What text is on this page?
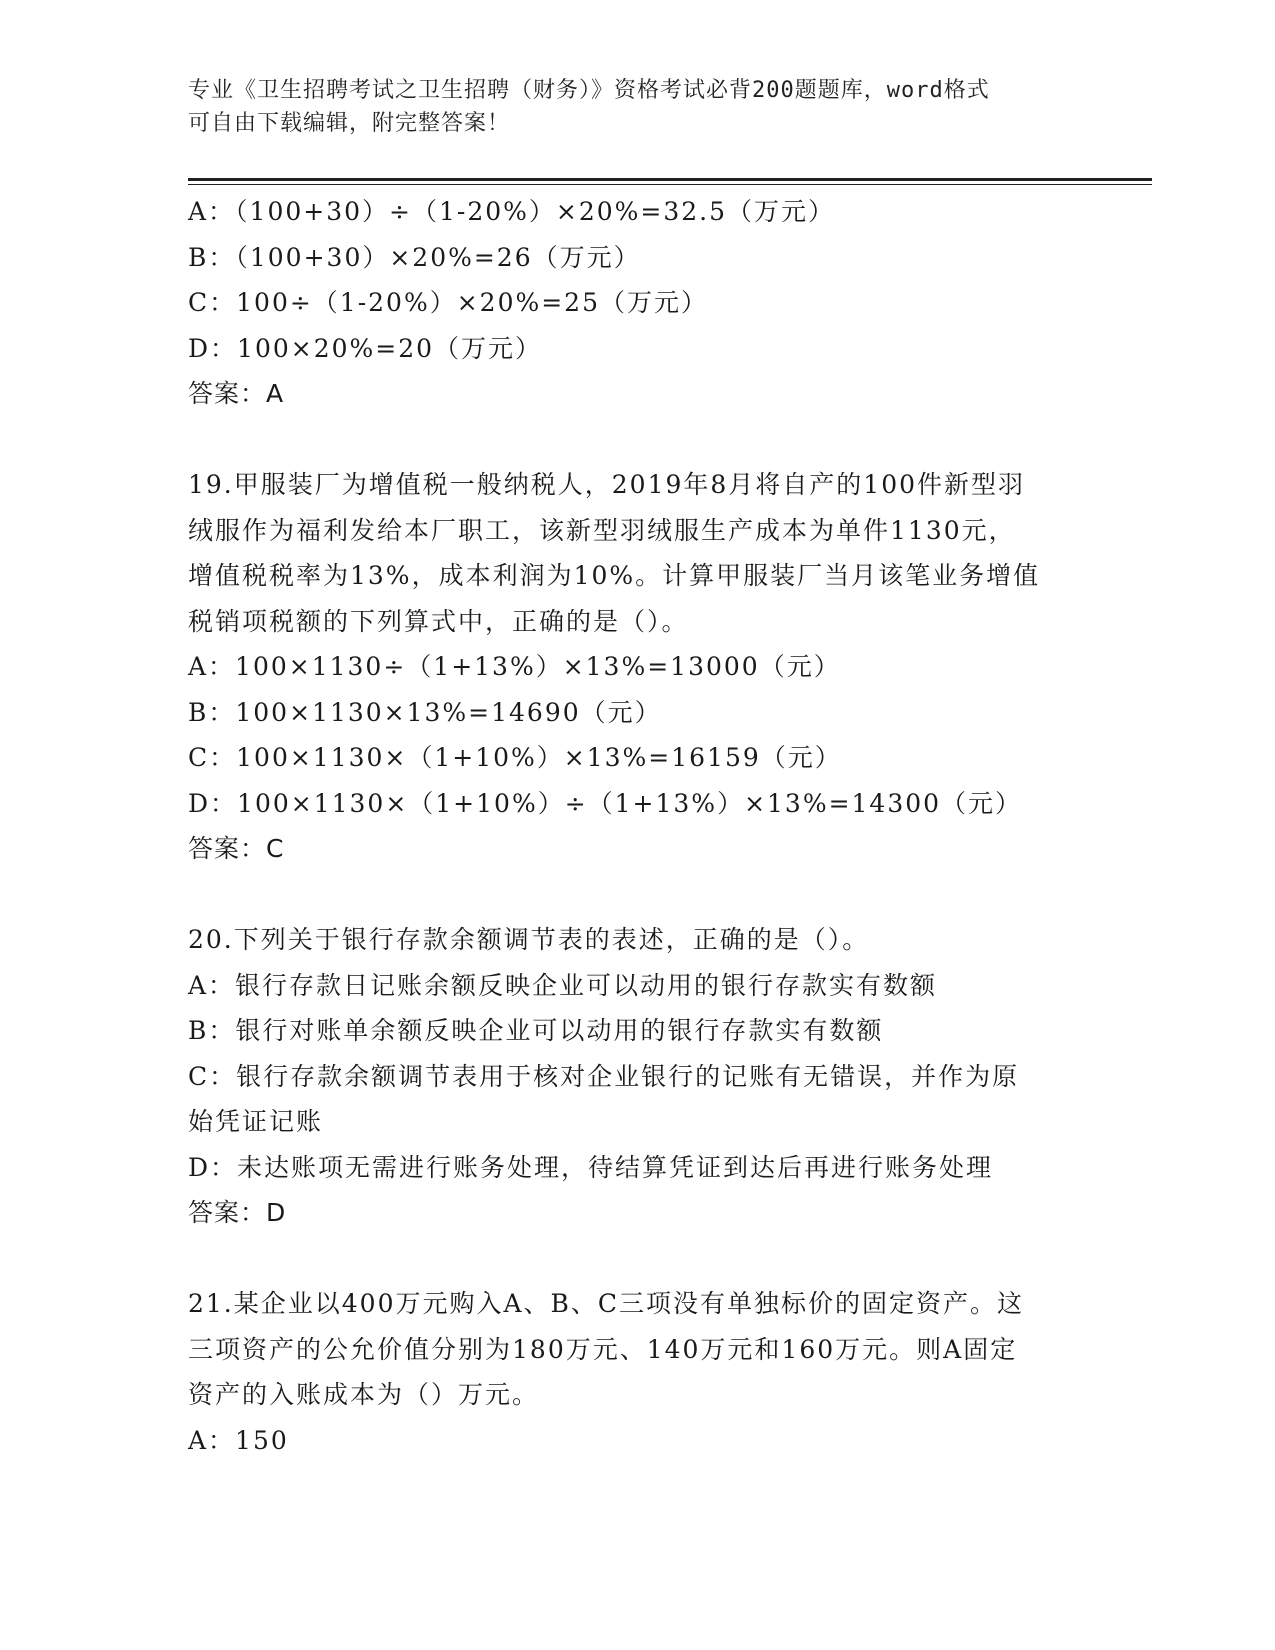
专业《卫生招聘考试之卫生招聘（财务）》资格考试必背200题题库，word格式
可自由下载编辑，附完整答案！
A：（100+30）÷（1-20%）×20%=32.5（万元）
B：（100+30）×20%=26（万元）
C：100÷（1-20%）×20%=25（万元）
D：100×20%=20（万元）
答案：A
19.甲服装厂为增值税一般纳税人，2019年8月将自产的100件新型羽
绒服作为福利发给本厂职工，该新型羽绒服生产成本为单件1130元，
增值税税率为13%，成本利润为10%。计算甲服装厂当月该笔业务增值
税销项税额的下列算式中，正确的是（）。
A：100×1130÷（1+13%）×13%=13000（元）
B：100×1130×13%=14690（元）
C：100×1130×（1+10%）×13%=16159（元）
D：100×1130×（1+10%）÷（1+13%）×13%=14300（元）
答案：C
20.下列关于银行存款余额调节表的表述，正确的是（）。
A：银行存款日记账余额反映企业可以动用的银行存款实有数额
B：银行对账单余额反映企业可以动用的银行存款实有数额
C：银行存款余额调节表用于核对企业银行的记账有无错误，并作为原
始凭证记账
D：未达账项无需进行账务处理，待结算凭证到达后再进行账务处理
答案：D
21.某企业以400万元购入A、B、C三项没有单独标价的固定资产。这
三项资产的公允价值分别为180万元、140万元和160万元。则A固定
资产的入账成本为（）万元。
A：150
